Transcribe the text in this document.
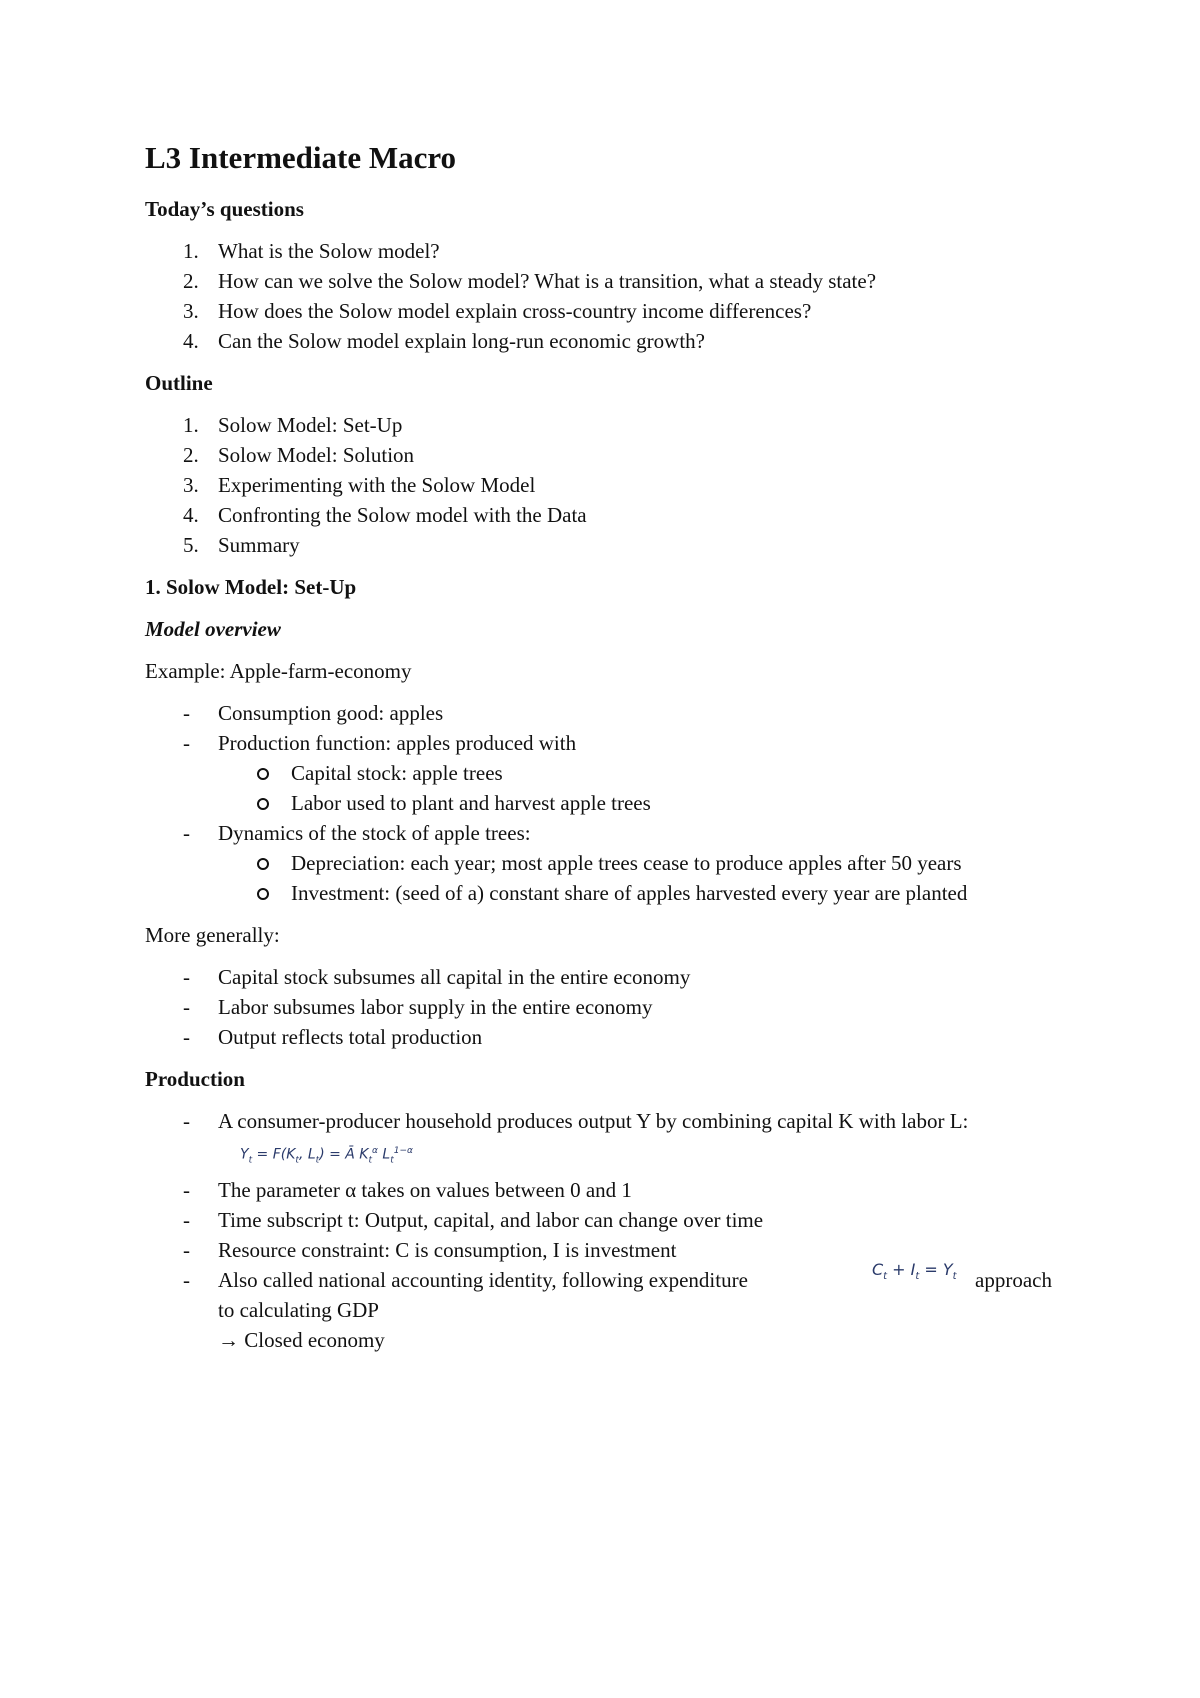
L3 Intermediate Macro
Today’s questions
1. What is the Solow model?
2. How can we solve the Solow model? What is a transition, what a steady state?
3. How does the Solow model explain cross-country income differences?
4. Can the Solow model explain long-run economic growth?
Outline
1. Solow Model: Set-Up
2. Solow Model: Solution
3. Experimenting with the Solow Model
4. Confronting the Solow model with the Data
5. Summary
1. Solow Model: Set-Up
Model overview

Example: Apple-farm-economy

- Consumption good: apples
- Production function: apples produced with
Capital stock: apple trees
Labor used to plant and harvest apple trees
- Dynamics of the stock of apple trees:
Depreciation: each year; most apple trees cease to produce apples after 50 years
Investment: (seed of a) constant share of apples harvested every year are planted

More generally:

- Capital stock subsumes all capital in the entire economy
- Labor subsumes labor supply in the entire economy
- Output reflects total production
Production
- A consumer-producer household produces output Y by combining capital K with labor $L:Y_t = F(K_t$, $L_t$) = Ā $K_t^\alpha$ $L_t^{1-\alpha}$
- The parameter α takes on values between 0 and 1
- Time subscript t: Output, capital, and labor can change over time
- Resource constraint: C is consumption, I is investment
- Also called national accounting identity, following expenditure	$C_t + I_t = Y_t$ approach
to calculating GDP
→ Closed economy
